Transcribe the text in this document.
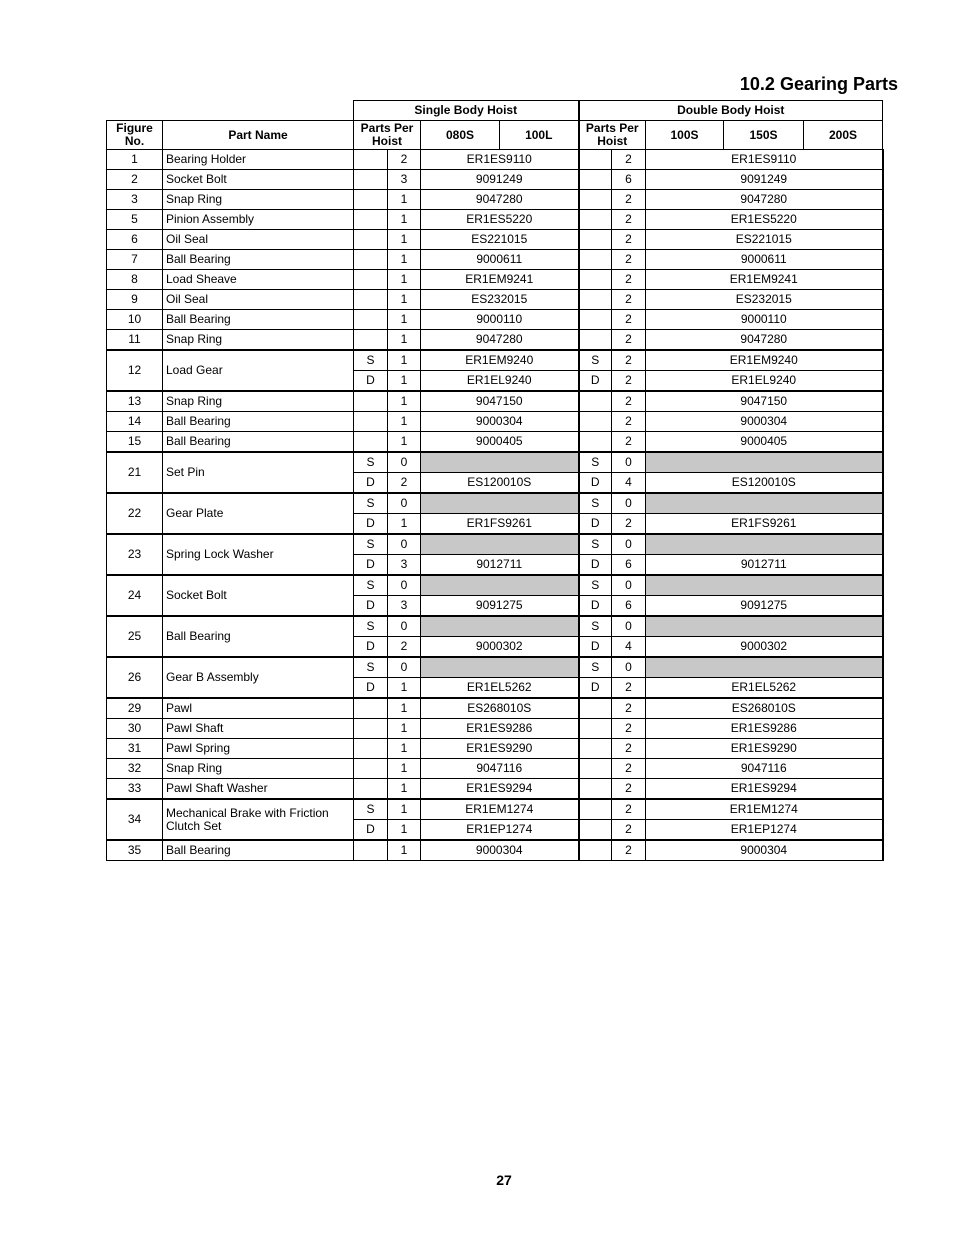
10.2 Gearing Parts
		Single Body Hoist				Double Body Hoist				
Figure No.	Part Name	Parts Per Hoist		080S	100L	Parts Per Hoist		100S	150S	200S
1	Bearing Holder		2	ER1ES9110			2	ER1ES9110		
2	Socket Bolt		3	9091249			6	9091249		
3	Snap Ring		1	9047280			2	9047280		
5	Pinion Assembly		1	ER1ES5220			2	ER1ES5220		
6	Oil Seal		1	ES221015			2	ES221015		
7	Ball Bearing		1	9000611			2	9000611		
8	Load Sheave		1	ER1EM9241			2	ER1EM9241		
9	Oil Seal		1	ES232015			2	ES232015		
10	Ball Bearing		1	9000110			2	9000110		
11	Snap Ring		1	9047280			2	9047280		
12	Load Gear	S	1	ER1EM9240		S	2	ER1EM9240		
		D	1	ER1EL9240		D	2	ER1EL9240		
13	Snap Ring		1	9047150			2	9047150		
14	Ball Bearing		1	9000304			2	9000304		
15	Ball Bearing		1	9000405			2	9000405		
21	Set Pin	S	0			S	0			
		D	2	ES120010S		D	4	ES120010S		
22	Gear Plate	S	0			S	0			
		D	1	ER1FS9261		D	2	ER1FS9261		
23	Spring Lock Washer	S	0			S	0			
		D	3	9012711		D	6	9012711		
24	Socket Bolt	S	0			S	0			
		D	3	9091275		D	6	9091275		
25	Ball Bearing	S	0			S	0			
		D	2	9000302		D	4	9000302		
26	Gear B Assembly	S	0			S	0			
		D	1	ER1EL5262		D	2	ER1EL5262		
29	Pawl		1	ES268010S			2	ES268010S		
30	Pawl Shaft		1	ER1ES9286			2	ER1ES9286		
31	Pawl Spring		1	ER1ES9290			2	ER1ES9290		
32	Snap Ring		1	9047116			2	9047116		
33	Pawl Shaft Washer		1	ER1ES9294			2	ER1ES9294		
34	Mechanical Brake with Friction Clutch Set	S	1	ER1EM1274			2	ER1EM1274		
		D	1	ER1EP1274			2	ER1EP1274		
35	Ball Bearing		1	9000304			2	9000304		
27
